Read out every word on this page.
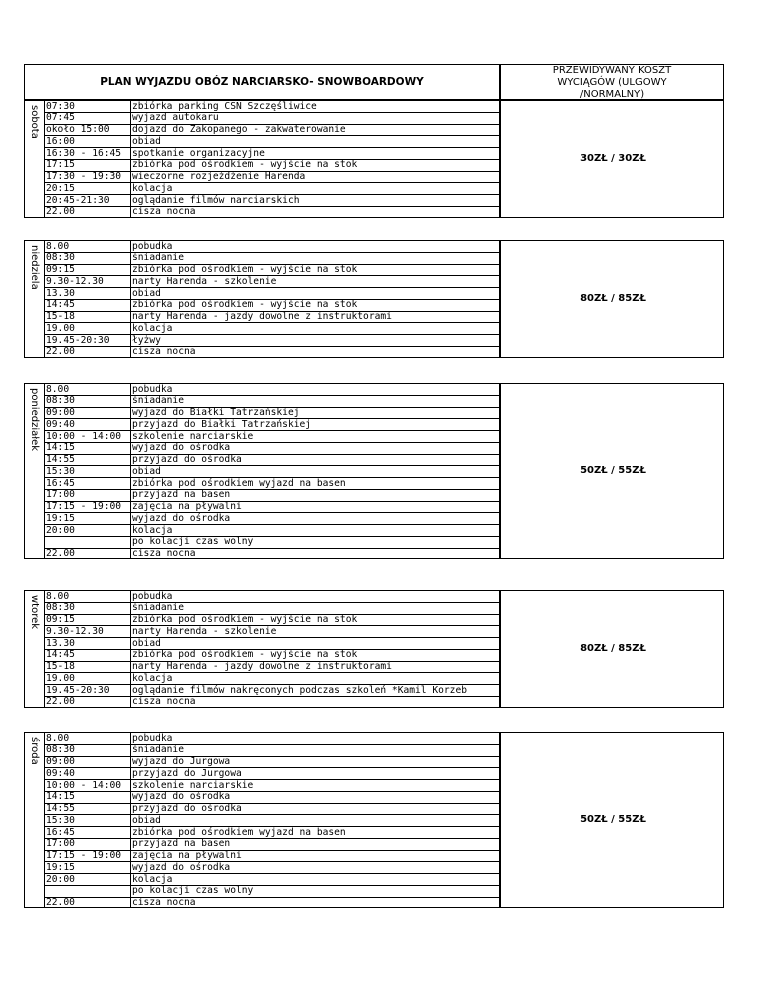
PLAN WYJAZDU OBÓZ NARCIARSKO- SNOWBOARDOWY
PRZEWIDYWANY KOSZT
WYCIĄGÓW (ULGOWY
/NORMALNY)
sobota
30ZŁ / 30ZŁ
07:30	zbiórka parking CSN Szczęśliwice
07:45	wyjazd autokaru
około 15:00	dojazd do Zakopanego - zakwaterowanie
16:00	obiad
16:30 - 16:45	spotkanie organizacyjne
17:15	zbiórka pod ośrodkiem - wyjście na stok
17:30 - 19:30	wieczorne rozjeżdżenie Harenda
20:15	kolacja
20:45-21:30	oglądanie filmów narciarskich
22.00	cisza nocna
niedziela
80ZŁ / 85ZŁ
8.00	pobudka
08:30	śniadanie
09:15	zbiórka pod ośrodkiem - wyjście na stok
9.30-12.30	narty Harenda - szkolenie
13.30	obiad
14:45	zbiórka pod ośrodkiem - wyjście na stok
15-18	narty Harenda - jazdy dowolne z instruktorami
19.00	kolacja
19.45-20:30	łyżwy
22.00	cisza nocna
poniedziałek
50ZŁ / 55ZŁ
8.00	pobudka
08:30	śniadanie
09:00	wyjazd do Białki Tatrzańskiej
09:40	przyjazd do Białki Tatrzańskiej
10:00 - 14:00	szkolenie narciarskie
14:15	wyjazd do ośrodka
14:55	przyjazd do ośrodka
15:30	obiad
16:45	zbiórka pod ośrodkiem wyjazd na basen
17:00	przyjazd na basen
17:15 - 19:00	zajęcia na pływalni
19:15	wyjazd do ośrodka
20:00	kolacja
po kolacji czas wolny
22.00	cisza nocna
wtorek
80ZŁ / 85ZŁ
8.00	pobudka
08:30	śniadanie
09:15	zbiórka pod ośrodkiem - wyjście na stok
9.30-12.30	narty Harenda - szkolenie
13.30	obiad
14:45	zbiórka pod ośrodkiem - wyjście na stok
15-18	narty Harenda - jazdy dowolne z instruktorami
19.00	kolacja
19.45-20:30	oglądanie filmów nakręconych podczas szkoleń *Kamil Korzeb
22.00	cisza nocna
środa
50ZŁ / 55ZŁ
8.00	pobudka
08:30	śniadanie
09:00	wyjazd do Jurgowa
09:40	przyjazd do Jurgowa
10:00 - 14:00	szkolenie narciarskie
14:15	wyjazd do ośrodka
14:55	przyjazd do ośrodka
15:30	obiad
16:45	zbiórka pod ośrodkiem wyjazd na basen
17:00	przyjazd na basen
17:15 - 19:00	zajęcia na pływalni
19:15	wyjazd do ośrodka
20:00	kolacja
po kolacji czas wolny
22.00	cisza nocna
